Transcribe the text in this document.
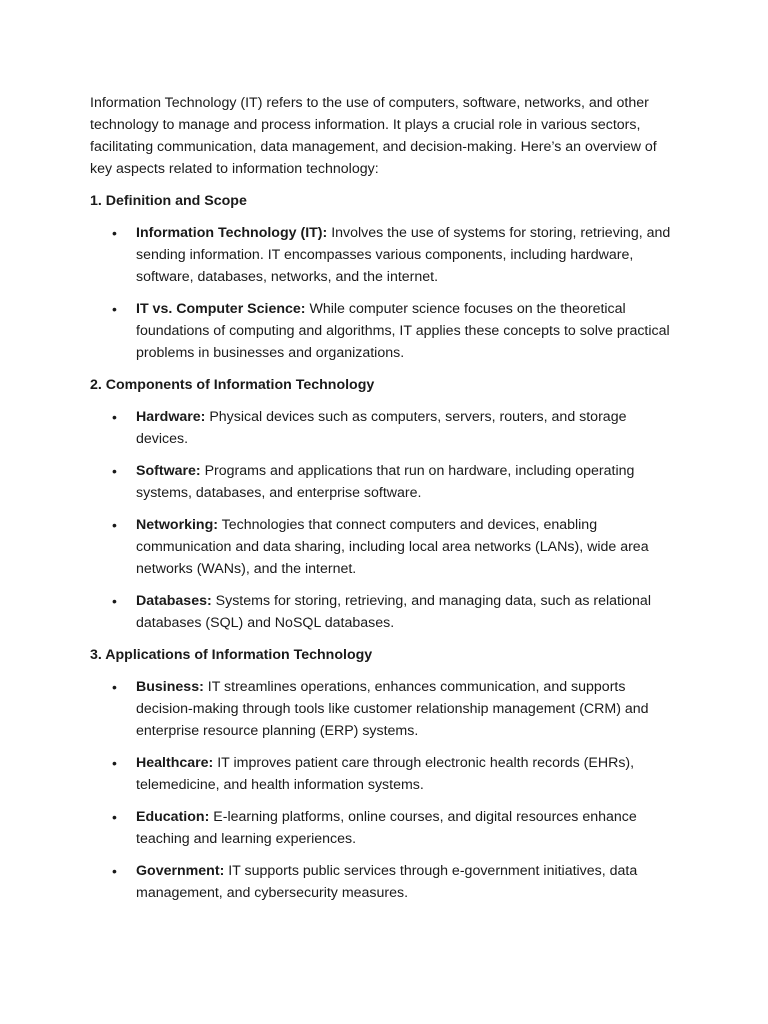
Information Technology (IT) refers to the use of computers, software, networks, and other technology to manage and process information. It plays a crucial role in various sectors, facilitating communication, data management, and decision-making. Here’s an overview of key aspects related to information technology:

1. Definition and Scope

• Information Technology (IT): Involves the use of systems for storing, retrieving, and sending information. IT encompasses various components, including hardware, software, databases, networks, and the internet.
• IT vs. Computer Science: While computer science focuses on the theoretical foundations of computing and algorithms, IT applies these concepts to solve practical problems in businesses and organizations.

2. Components of Information Technology

• Hardware: Physical devices such as computers, servers, routers, and storage devices.
• Software: Programs and applications that run on hardware, including operating systems, databases, and enterprise software.
• Networking: Technologies that connect computers and devices, enabling communication and data sharing, including local area networks (LANs), wide area networks (WANs), and the internet.
• Databases: Systems for storing, retrieving, and managing data, such as relational databases (SQL) and NoSQL databases.

3. Applications of Information Technology

• Business: IT streamlines operations, enhances communication, and supports decision-making through tools like customer relationship management (CRM) and enterprise resource planning (ERP) systems.
• Healthcare: IT improves patient care through electronic health records (EHRs), telemedicine, and health information systems.
• Education: E-learning platforms, online courses, and digital resources enhance teaching and learning experiences.
• Government: IT supports public services through e-government initiatives, data management, and cybersecurity measures.
